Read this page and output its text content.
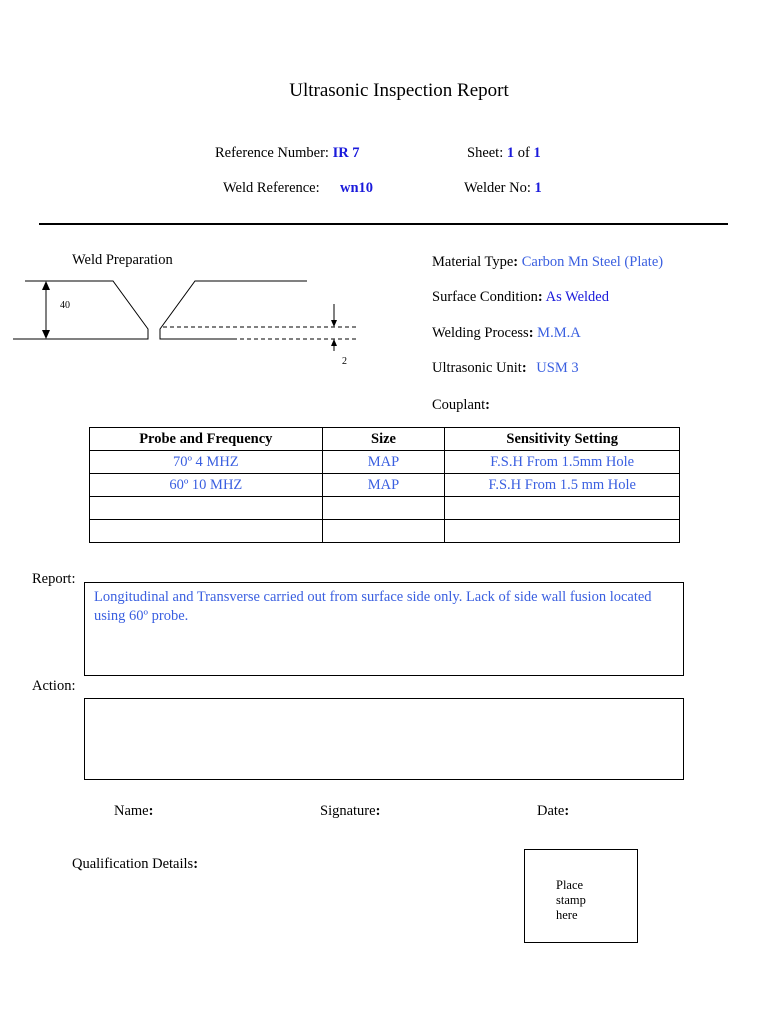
Ultrasonic Inspection Report
Reference Number: IR 7	Sheet: 1 of 1
Weld Reference: wn10	Welder No: 1
Weld Preparation
40
2
Material Type: Carbon Mn Steel (Plate)
Surface Condition: As Welded
Welding Process: M.M.A
Ultrasonic Unit: USM 3
Couplant:
Probe and Frequency	Size	Sensitivity Setting
70º 4 MHZ	MAP	F.S.H From 1.5mm Hole
60º 10 MHZ	MAP	F.S.H From 1.5 mm Hole

Report:
Longitudinal and Transverse carried out from surface side only. Lack of side wall fusion located using 60º probe.
Action:
Name:	Signature:	Date:
Qualification Details:
Place stamp here
